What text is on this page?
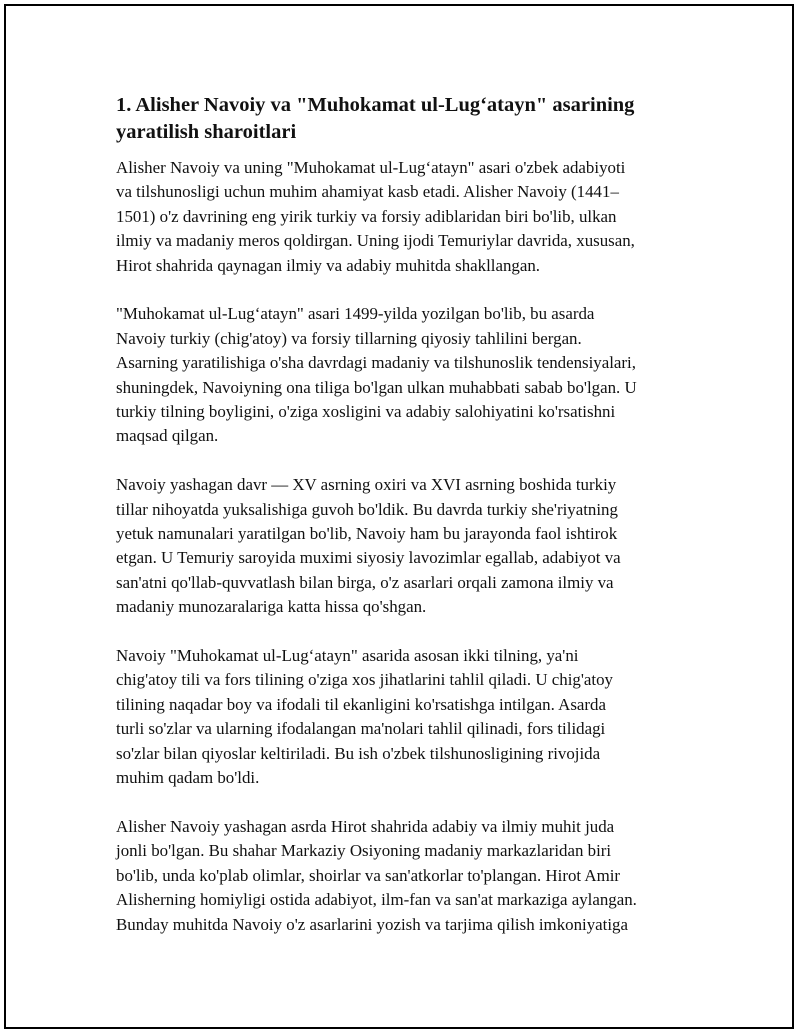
1. Alisher Navoiy va "Muhokamat ul-Lug‘atayn" asarining
yaratilish sharoitlari
Alisher Navoiy va uning "Muhokamat ul-Lug‘atayn" asari o'zbek adabiyoti
va tilshunosligi uchun muhim ahamiyat kasb etadi. Alisher Navoiy (1441–
1501) o'z davrining eng yirik turkiy va forsiy adiblaridan biri bo'lib, ulkan
ilmiy va madaniy meros qoldirgan. Uning ijodi Temuriylar davrida, xususan,
Hirot shahrida qaynagan ilmiy va adabiy muhitda shakllangan.
"Muhokamat ul-Lug‘atayn" asari 1499-yilda yozilgan bo'lib, bu asarda
Navoiy turkiy (chig'atoy) va forsiy tillarning qiyosiy tahlilini bergan.
Asarning yaratilishiga o'sha davrdagi madaniy va tilshunoslik tendensiyalari,
shuningdek, Navoiyning ona tiliga bo'lgan ulkan muhabbati sabab bo'lgan. U
turkiy tilning boyligini, o'ziga xosligini va adabiy salohiyatini ko'rsatishni
maqsad qilgan.
Navoiy yashagan davr — XV asrning oxiri va XVI asrning boshida turkiy
tillar nihoyatda yuksalishiga guvoh bo'ldik. Bu davrda turkiy she'riyatning
yetuk namunalari yaratilgan bo'lib, Navoiy ham bu jarayonda faol ishtirok
etgan. U Temuriy saroyida muximi siyosiy lavozimlar egallab, adabiyot va
san'atni qo'llab-quvvatlash bilan birga, o'z asarlari orqali zamona ilmiy va
madaniy munozaralariga katta hissa qo'shgan.
Navoiy "Muhokamat ul-Lug‘atayn" asarida asosan ikki tilning, ya'ni
chig'atoy tili va fors tilining o'ziga xos jihatlarini tahlil qiladi. U chig'atoy
tilining naqadar boy va ifodali til ekanligini ko'rsatishga intilgan. Asarda
turli so'zlar va ularning ifodalangan ma'nolari tahlil qilinadi, fors tilidagi
so'zlar bilan qiyoslar keltiriladi. Bu ish o'zbek tilshunosligining rivojida
muhim qadam bo'ldi.
Alisher Navoiy yashagan asrda Hirot shahrida adabiy va ilmiy muhit juda
jonli bo'lgan. Bu shahar Markaziy Osiyoning madaniy markazlaridan biri
bo'lib, unda ko'plab olimlar, shoirlar va san'atkorlar to'plangan. Hirot Amir
Alisherning homiyligi ostida adabiyot, ilm-fan va san'at markaziga aylangan.
Bunday muhitda Navoiy o'z asarlarini yozish va tarjima qilish imkoniyatiga
